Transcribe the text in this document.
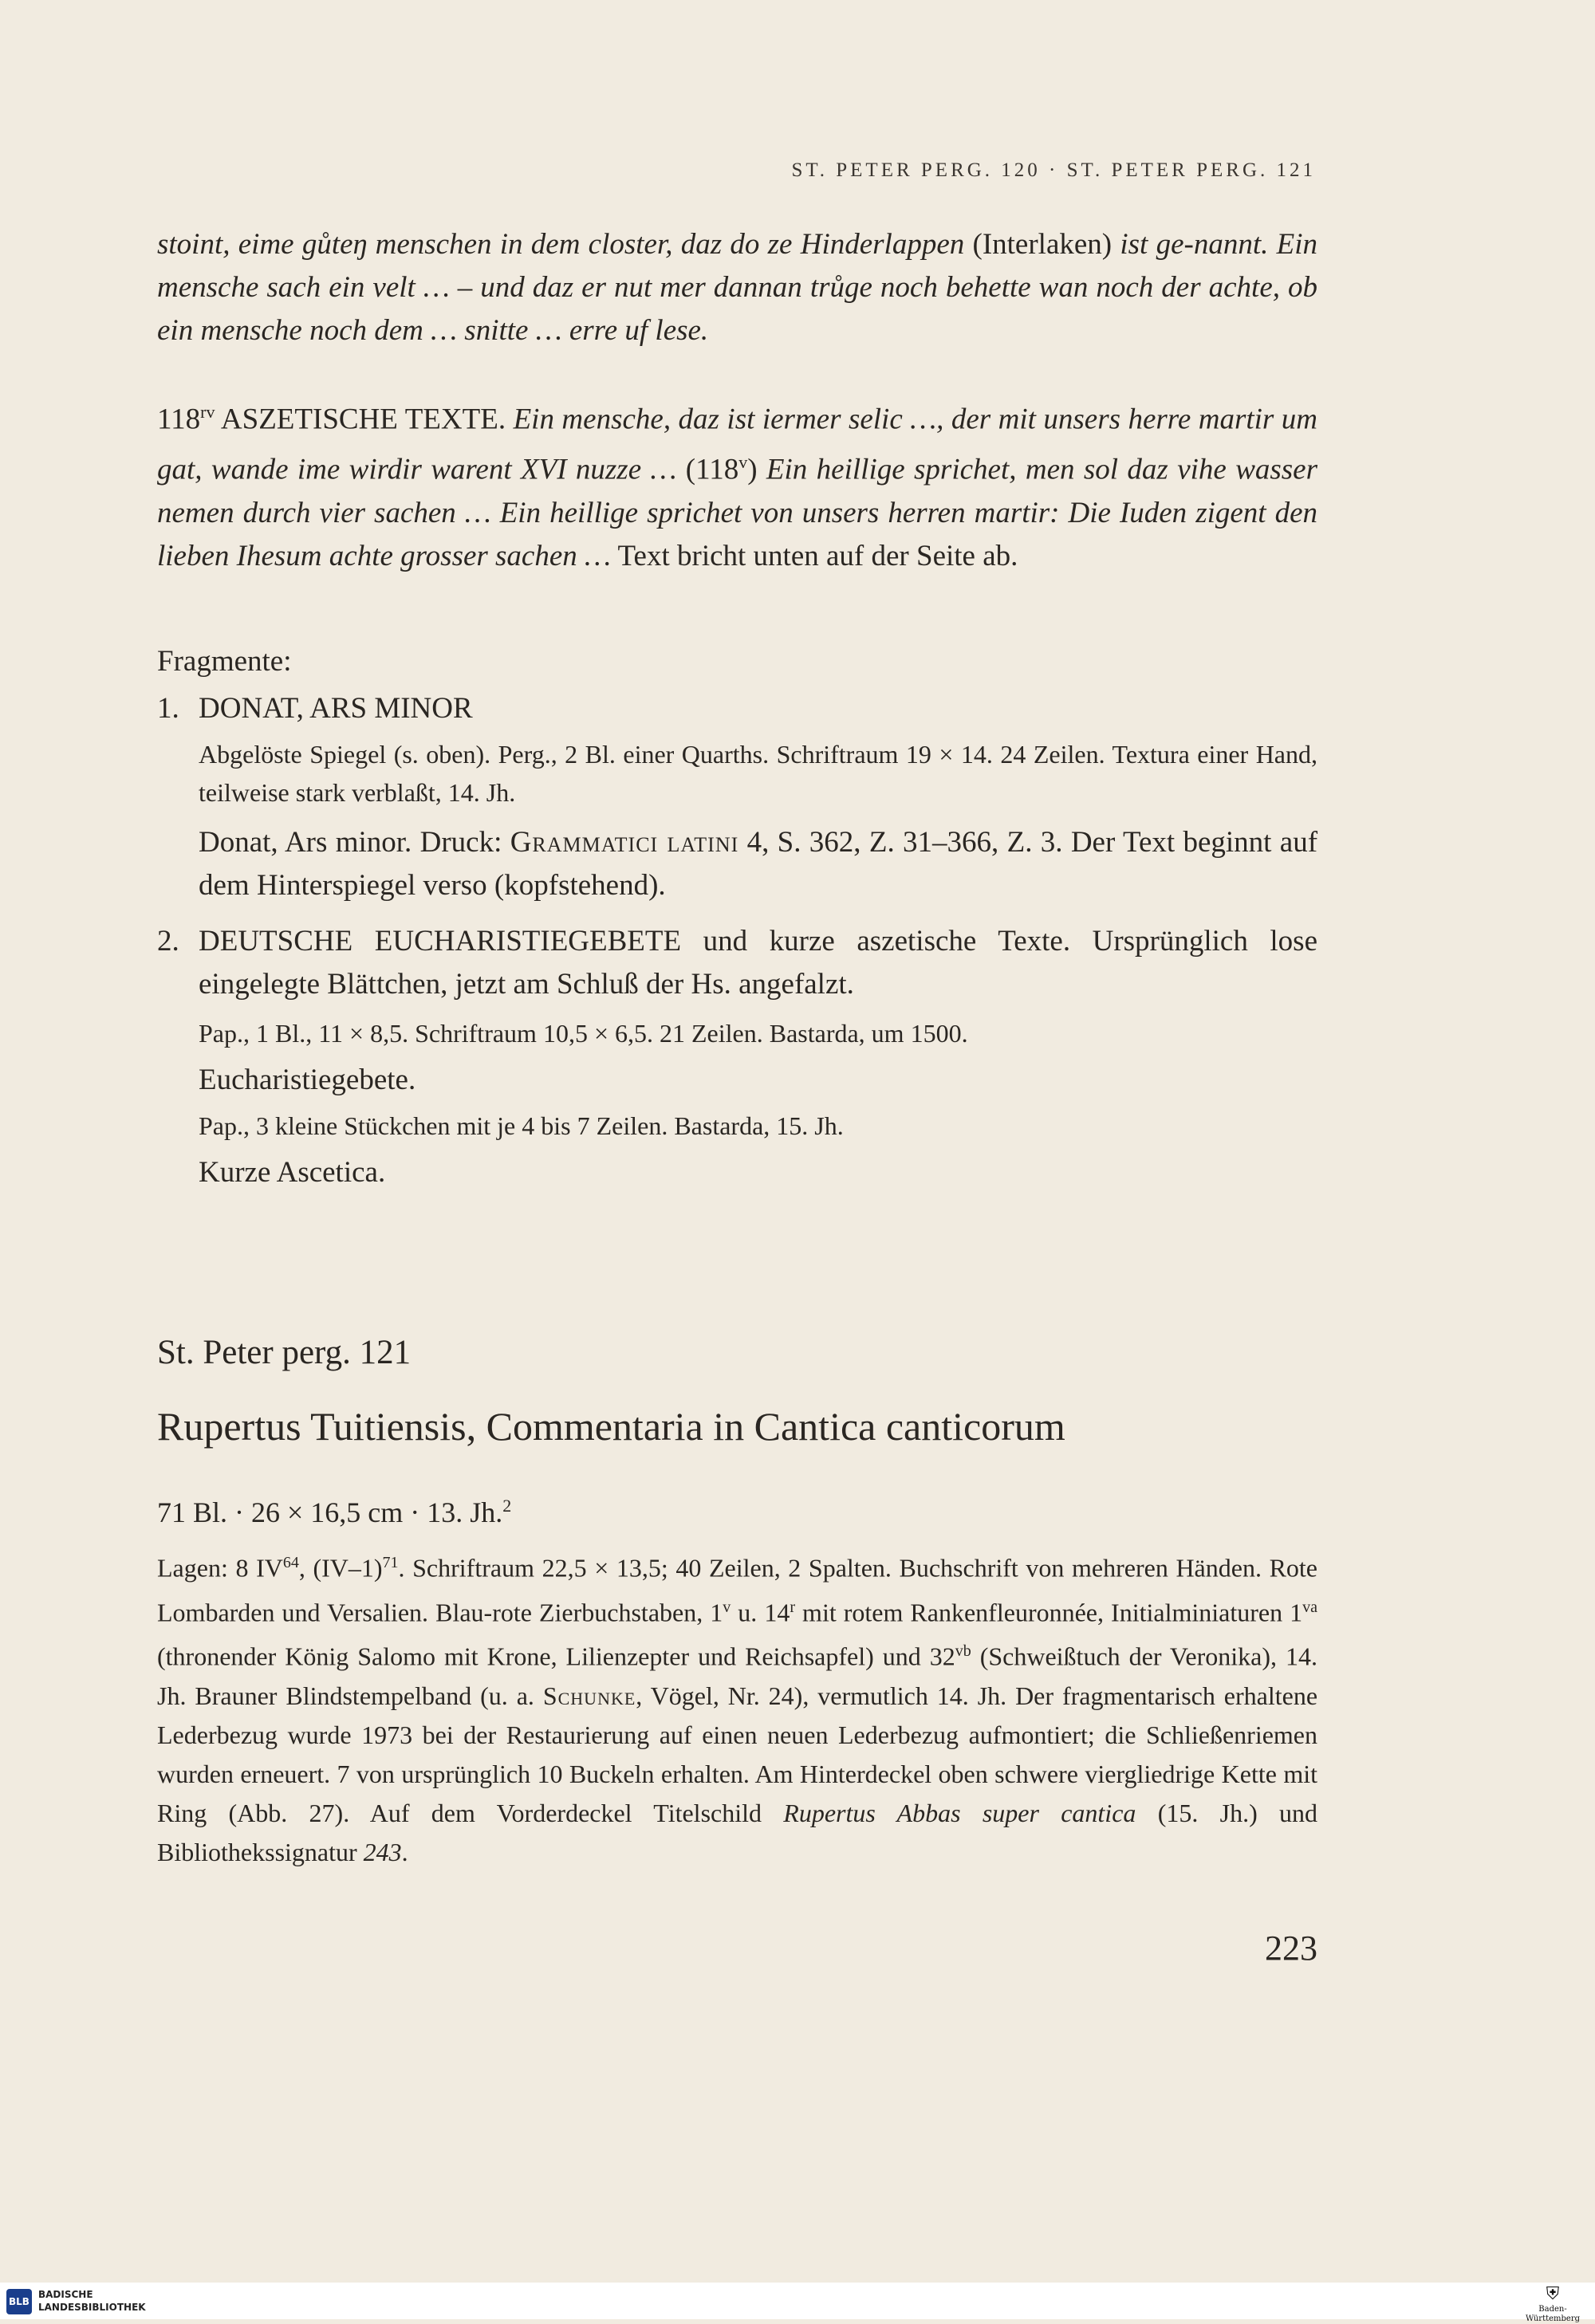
ST. PETER PERG. 120 · ST. PETER PERG. 121
stoint, eime gůteŋ menschen in dem closter, daz do ze Hinderlappen (Interlaken) ist ge-nannt. Ein mensche sach ein velt … – und daz er nut mer dannan trůge noch behette wan noch der achte, ob ein mensche noch dem … snitte … erre uf lese.
$118^{rv}$ ASZETISCHE TEXTE. Ein mensche, daz ist iermer selic …, der mit unsers herre martir um gat, wande ime wirdir warent XVI nuzze … (118$^v$) Ein heillige sprichet, men sol daz vihe wasser nemen durch vier sachen … Ein heillige sprichet von unsers herren martir: Die Iuden zigent den lieben Ihesum achte grosser sachen … Text bricht unten auf der Seite ab.
Fragmente:
1. DONAT, ARS MINOR
Abgelöste Spiegel (s. oben). Perg., 2 Bl. einer Quarths. Schriftraum 19 × 14. 24 Zeilen. Textura einer Hand, teilweise stark verblaßt, 14. Jh.
Donat, Ars minor. Druck: Grammatici latini 4, S. 362, Z. 31–366, Z. 3. Der Text beginnt auf dem Hinterspiegel verso (kopfstehend).
2. DEUTSCHE EUCHARISTIEGEBETE und kurze aszetische Texte. Ursprünglich lose eingelegte Blättchen, jetzt am Schluß der Hs. angefalzt.
Pap., 1 Bl., 11 × 8,5. Schriftraum 10,5 × 6,5. 21 Zeilen. Bastarda, um 1500.
Eucharistiegebete.
Pap., 3 kleine Stückchen mit je 4 bis 7 Zeilen. Bastarda, 15. Jh.
Kurze Ascetica.
St. Peter perg. 121
Rupertus Tuitiensis, Commentaria in Cantica canticorum
71 Bl. · 26 × 16,5 cm · 13. Jh.$^2$
Lagen: 8 IV$^{64}$, $(IV-1)^{71}$. Schriftraum 22,5 × 13,5; 40 Zeilen, 2 Spalten. Buchschrift von mehreren Händen. Rote Lombarden und Versalien. Blau-rote Zierbuchstaben, 1$^v$ u. 14$^r$ mit rotem Rankenfleuronnée, Initialminiaturen $1^{va}$ (thronender König Salomo mit Krone, Lilienzepter und Reichsapfel) und $32^{vb}$ (Schweißtuch der Veronika), 14. Jh. Brauner Blindstempelband (u. a. Schunke, Vögel, Nr. 24), vermutlich 14. Jh. Der fragmentarisch erhaltene Lederbezug wurde 1973 bei der Restaurierung auf einen neuen Lederbezug aufmontiert; die Schließenriemen wurden erneuert. 7 von ursprünglich 10 Buckeln erhalten. Am Hinterdeckel oben schwere viergliedrige Kette mit Ring (Abb. 27). Auf dem Vorderdeckel Titelschild Rupertus Abbas super cantica (15. Jh.) und Bibliothekssignatur 243.
223
BLB
BADISCHE
LANDESBIBLIOTHEK
⛨
Baden-Württemberg
